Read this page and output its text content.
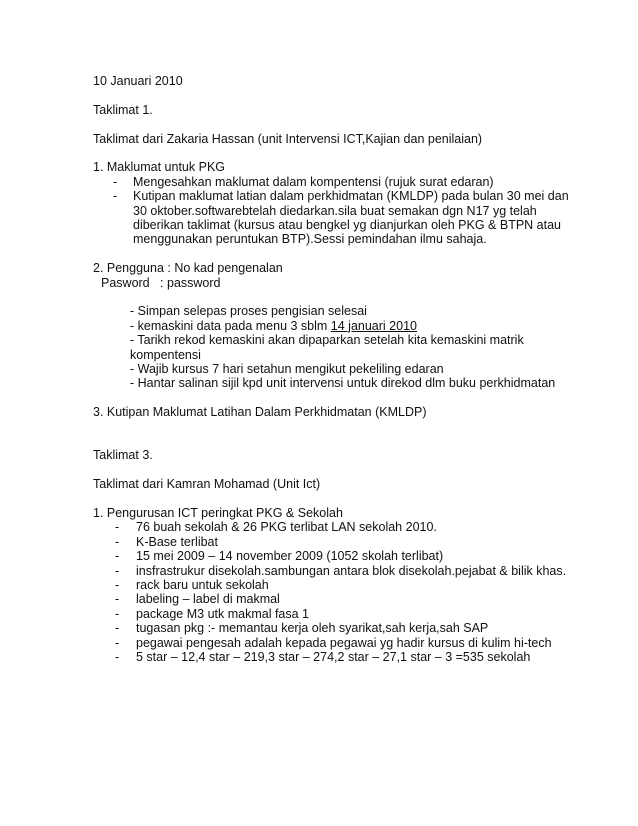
10 Januari 2010

Taklimat 1.

Taklimat dari Zakaria Hassan (unit Intervensi ICT,Kajian dan penilaian)

1. Maklumat untuk PKG

- Mengesahkan maklumat dalam kompentensi (rujuk surat edaran)
- Kutipan maklumat latian dalam perkhidmatan (KMLDP) pada bulan 30 mei dan 30 oktober.softwarebtelah diedarkan.sila buat semakan dgn N17 yg telah diberikan taklimat (kursus atau bengkel yg dianjurkan oleh PKG & BTPN atau menggunakan peruntukan BTP).Sessi pemindahan ilmu sahaja.

2. Pengguna : No kad pengenalan

Pasword   : password

- Simpan selepas proses pengisian selesai
- kemaskini data pada menu 3 sblm 14 januari 2010
- Tarikh rekod kemaskini akan dipaparkan setelah kita kemaskini matrik kompentensi
- Wajib kursus 7 hari setahun mengikut pekeliling edaran
- Hantar salinan sijil kpd unit intervensi untuk direkod dlm buku perkhidmatan

3. Kutipan Maklumat Latihan Dalam Perkhidmatan (KMLDP)

Taklimat 3.

Taklimat dari Kamran Mohamad (Unit Ict)

1. Pengurusan ICT peringkat PKG & Sekolah

- 76 buah sekolah & 26 PKG terlibat LAN sekolah 2010.
- K-Base terlibat
- 15 mei 2009 – 14 november 2009 (1052 skolah terlibat)
- insfrastrukur disekolah.sambungan antara blok disekolah.pejabat & bilik khas.
- rack baru untuk sekolah
- labeling – label di makmal
- package M3 utk makmal fasa 1
- tugasan pkg :- memantau kerja oleh syarikat,sah kerja,sah SAP
- pegawai pengesah adalah kepada pegawai yg hadir kursus di kulim hi-tech
- 5 star – 12,4 star – 219,3 star – 274,2 star – 27,1 star – 3 =535 sekolah
